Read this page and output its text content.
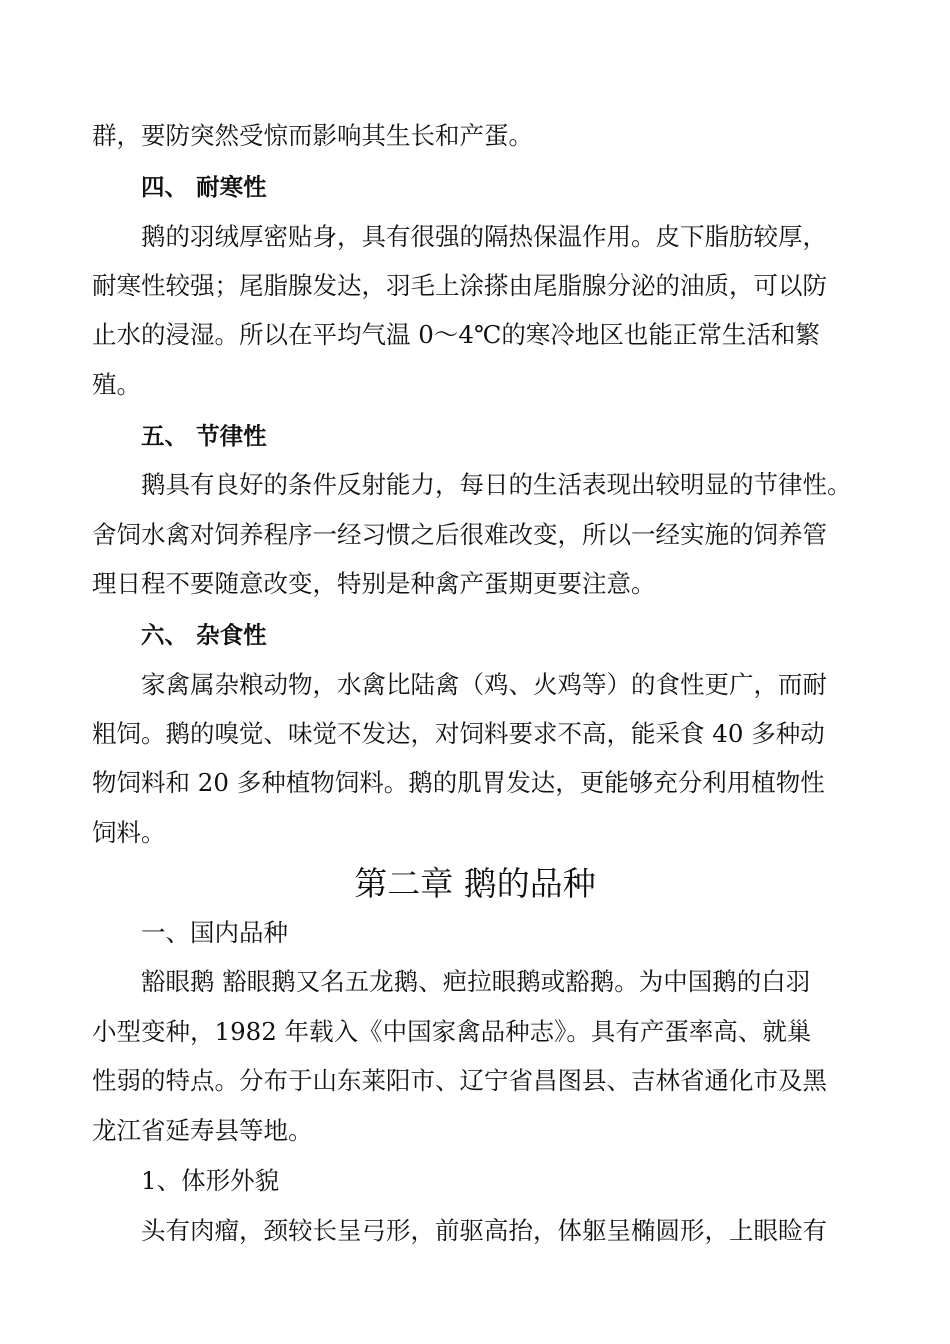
群，要防突然受惊而影响其生长和产蛋。
四、 耐寒性
鹅的羽绒厚密贴身，具有很强的隔热保温作用。皮下脂肪较厚，
耐寒性较强；尾脂腺发达，羽毛上涂搽由尾脂腺分泌的油质，可以防
止水的浸湿。所以在平均气温 0～4℃的寒冷地区也能正常生活和繁
殖。
五、 节律性
鹅具有良好的条件反射能力，每日的生活表现出较明显的节律性。
舍饲水禽对饲养程序一经习惯之后很难改变，所以一经实施的饲养管
理日程不要随意改变，特别是种禽产蛋期更要注意。
六、 杂食性
家禽属杂粮动物，水禽比陆禽（鸡、火鸡等）的食性更广，而耐
粗饲。鹅的嗅觉、味觉不发达，对饲料要求不高，能采食 40 多种动
物饲料和 20 多种植物饲料。鹅的肌胃发达，更能够充分利用植物性
饲料。
第二章 鹅的品种
一、国内品种
豁眼鹅 豁眼鹅又名五龙鹅、疤拉眼鹅或豁鹅。为中国鹅的白羽
小型变种，1982 年载入《中国家禽品种志》。具有产蛋率高、就巢
性弱的特点。分布于山东莱阳市、辽宁省昌图县、吉林省通化市及黑
龙江省延寿县等地。
1、体形外貌
头有肉瘤，颈较长呈弓形，前驱高抬，体躯呈椭圆形，上眼睑有
